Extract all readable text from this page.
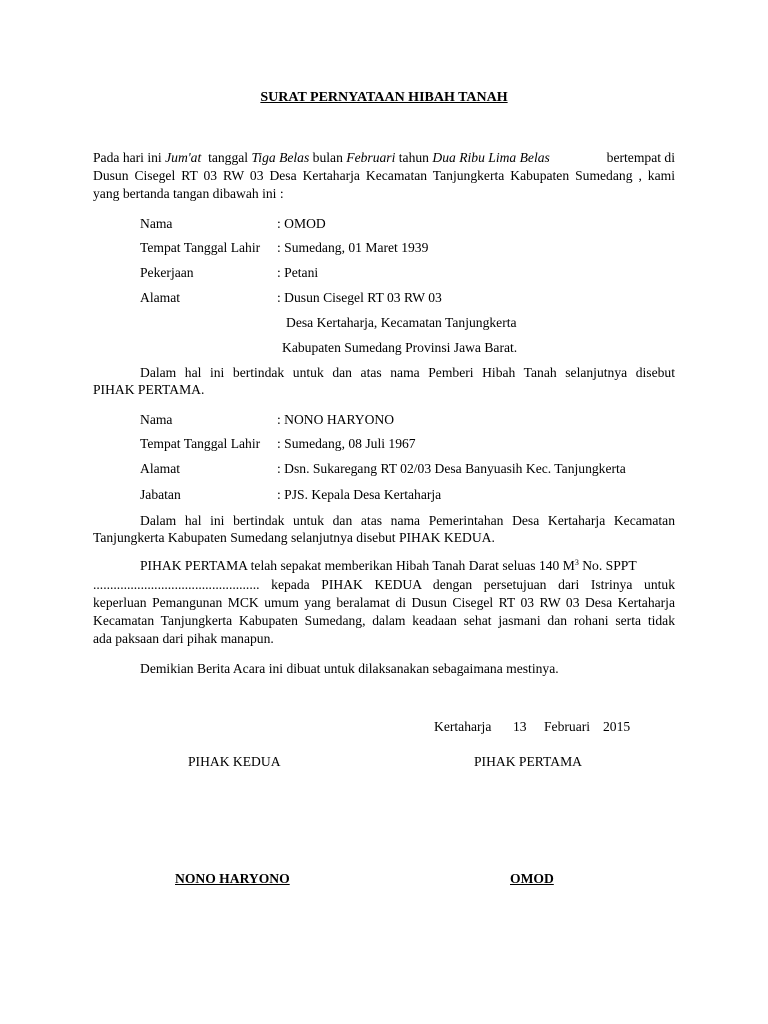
SURAT PERNYATAAN HIBAH TANAH
Pada hari ini Jum'at tanggal Tiga Belas bulan Februari tahun Dua Ribu Lima Belas	bertempat di
Dusun Cisegel RT 03 RW 03 Desa Kertaharja Kecamatan Tanjungkerta Kabupaten Sumedang , kami
yang bertanda tangan dibawah ini :
Nama	: OMOD
Tempat Tanggal Lahir : Sumedang, 01 Maret 1939
Pekerjaan	: Petani
Alamat	: Dusun Cisegel RT 03 RW 03
Desa Kertaharja, Kecamatan Tanjungkerta
Kabupaten Sumedang Provinsi Jawa Barat.
Dalam hal ini bertindak untuk dan atas nama Pemberi Hibah Tanah selanjutnya disebut
PIHAK PERTAMA.
Nama	: NONO HARYONO
Tempat Tanggal Lahir : Sumedang, 08 Juli 1967
Alamat	: Dsn. Sukaregang RT 02/03 Desa Banyuasih Kec. Tanjungkerta
Jabatan	: PJS. Kepala Desa Kertaharja
Dalam hal ini bertindak untuk dan atas nama Pemerintahan Desa Kertaharja Kecamatan
Tanjungkerta Kabupaten Sumedang selanjutnya disebut PIHAK KEDUA.
PIHAK PERTAMA telah sepakat memberikan Hibah Tanah Darat seluas 140 $M^3$ No. SPPT
................................................. kepada PIHAK KEDUA dengan persetujuan dari Istrinya untuk
keperluan Pemangunan MCK umum yang beralamat di Dusun Cisegel RT 03 RW 03 Desa Kertaharja
Kecamatan Tanjungkerta Kabupaten Sumedang, dalam keadaan sehat jasmani dan rohani serta tidak
ada paksaan dari pihak manapun.
Demikian Berita Acara ini dibuat untuk dilaksanakan sebagaimana mestinya.
Kertaharja 13 Februari 2015
PIHAK KEDUA	PIHAK PERTAMA
NONO HARYONO	OMOD
